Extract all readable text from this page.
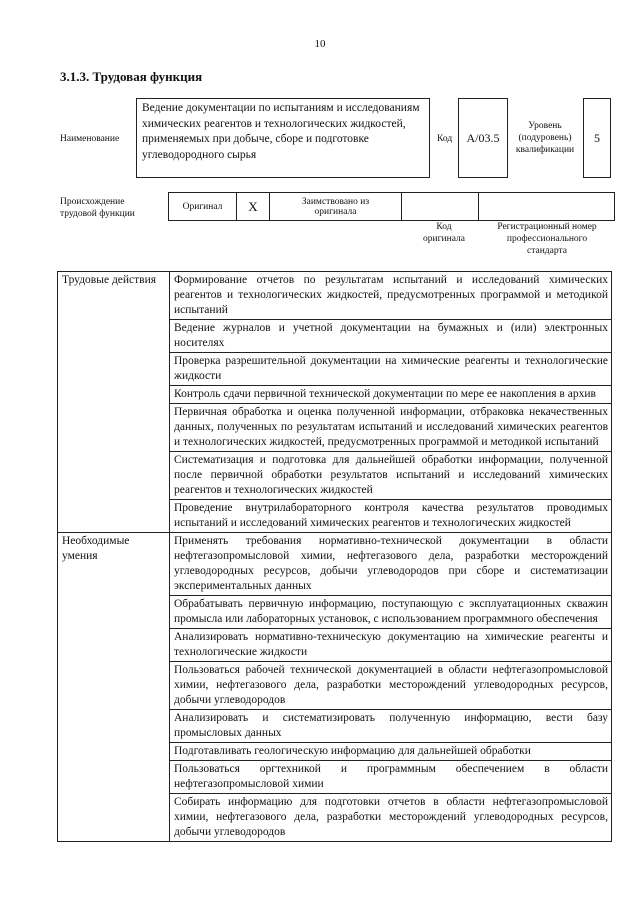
10
3.1.3. Трудовая функция
Наименование
Ведение документации по испытаниям и исследованиям химических реагентов и технологических жидкостей, применяемых при добыче, сборе и подготовке углеводородного сырья
Код	A/03.5
Уровень
(подуровень)
квалификации
5
Происхождение
трудовой функции
Оригинал	X	Заимствовано из
оригинала

Код
оригинала
Регистрационный номер
профессионального
стандарта
Трудовые действия	Формирование отчетов по результатам испытаний и исследований химических реагентов и технологических жидкостей, предусмотренных программой и методикой испытаний
	Ведение журналов и учетной документации на бумажных и (или) электронных носителях
	Проверка разрешительной документации на химические реагенты и технологические жидкости
	Контроль сдачи первичной технической документации по мере ее накопления в архив
	Первичная обработка и оценка полученной информации, отбраковка некачественных данных, полученных по результатам испытаний и исследований химических реагентов и технологических жидкостей, предусмотренных программой и методикой испытаний
	Систематизация и подготовка для дальнейшей обработки информации, полученной после первичной обработки результатов испытаний и исследований химических реагентов и технологических жидкостей
	Проведение внутрилабораторного контроля качества результатов проводимых испытаний и исследований химических реагентов и технологических жидкостей
Необходимые умения	Применять требования нормативно-технической документации в области нефтегазопромысловой химии, нефтегазового дела, разработки месторождений углеводородных ресурсов, добычи углеводородов при сборе и систематизации экспериментальных данных
	Обрабатывать первичную информацию, поступающую с эксплуатационных скважин промысла или лабораторных установок, с использованием программного обеспечения
	Анализировать нормативно-техническую документацию на химические реагенты и технологические жидкости
	Пользоваться рабочей технической документацией в области нефтегазопромысловой химии, нефтегазового дела, разработки месторождений углеводородных ресурсов, добычи углеводородов
	Анализировать и систематизировать полученную информацию, вести базу промысловых данных
	Подготавливать геологическую информацию для дальнейшей обработки
	Пользоваться оргтехникой и программным обеспечением в области нефтегазопромысловой химии
	Собирать информацию для подготовки отчетов в области нефтегазопромысловой химии, нефтегазового дела, разработки месторождений углеводородных ресурсов, добычи углеводородов
